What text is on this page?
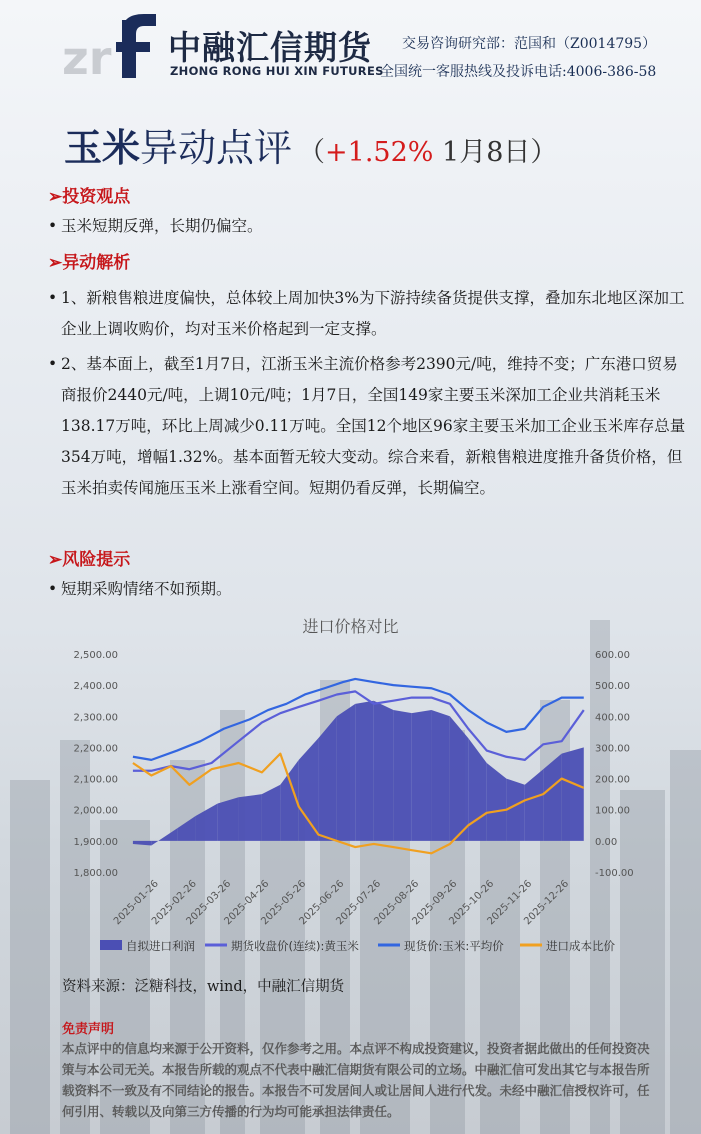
zr 中融汇信期货
ZHONG RONG HUI XIN FUTURES
交易咨询研究部：范国和（Z0014795）
全国统一客服热线及投诉电话:4006-386-58
玉米异动点评 （+1.52% 1月8日）
➢投资观点
• 玉米短期反弹，长期仍偏空。
➢异动解析
• 1、新粮售粮进度偏快，总体较上周加快3%为下游持续备货提供支撑，叠加东北地区深加工企业上调收购价，均对玉米价格起到一定支撑。
• 2、基本面上，截至1月7日，江浙玉米主流价格参考2390元/吨，维持不变；广东港口贸易商报价2440元/吨，上调10元/吨；1月7日，全国149家主要玉米深加工企业共消耗玉米138.17万吨，环比上周减少0.11万吨。全国12个地区96家主要玉米加工企业玉米库存总量354万吨，增幅1.32%。基本面暂无较大变动。综合来看，新粮售粮进度推升备货价格，但玉米拍卖传闻施压玉米上涨看空间。短期仍看反弹，长期偏空。
➢风险提示
• 短期采购情绪不如预期。
进口价格对比
2,500.00
2,400.00
2,300.00
2,200.00
2,100.00
2,000.00
1,900.00
1,800.00
600.00
500.00
400.00
300.00
200.00
100.00
0.00
-100.00
2025-01-26
2025-02-26
2025-03-26
2025-04-26
2025-05-26
2025-06-26
2025-07-26
2025-08-26
2025-09-26
2025-10-26
2025-11-26
2025-12-26
自拟进口利润	期货收盘价(连续):黄玉米	现货价:玉米:平均价	进口成本比价
资料来源：泛糖科技，wind，中融汇信期货
免责声明
本点评中的信息均来源于公开资料，仅作参考之用。本点评不构成投资建议，投资者据此做出的任何投资决策与本公司无关。本报告所载的观点不代表中融汇信期货有限公司的立场。中融汇信可发出其它与本报告所载资料不一致及有不同结论的报告。本报告不可发居间人或让居间人进行代发。未经中融汇信授权许可，任何引用、转载以及向第三方传播的行为均可能承担法律责任。
